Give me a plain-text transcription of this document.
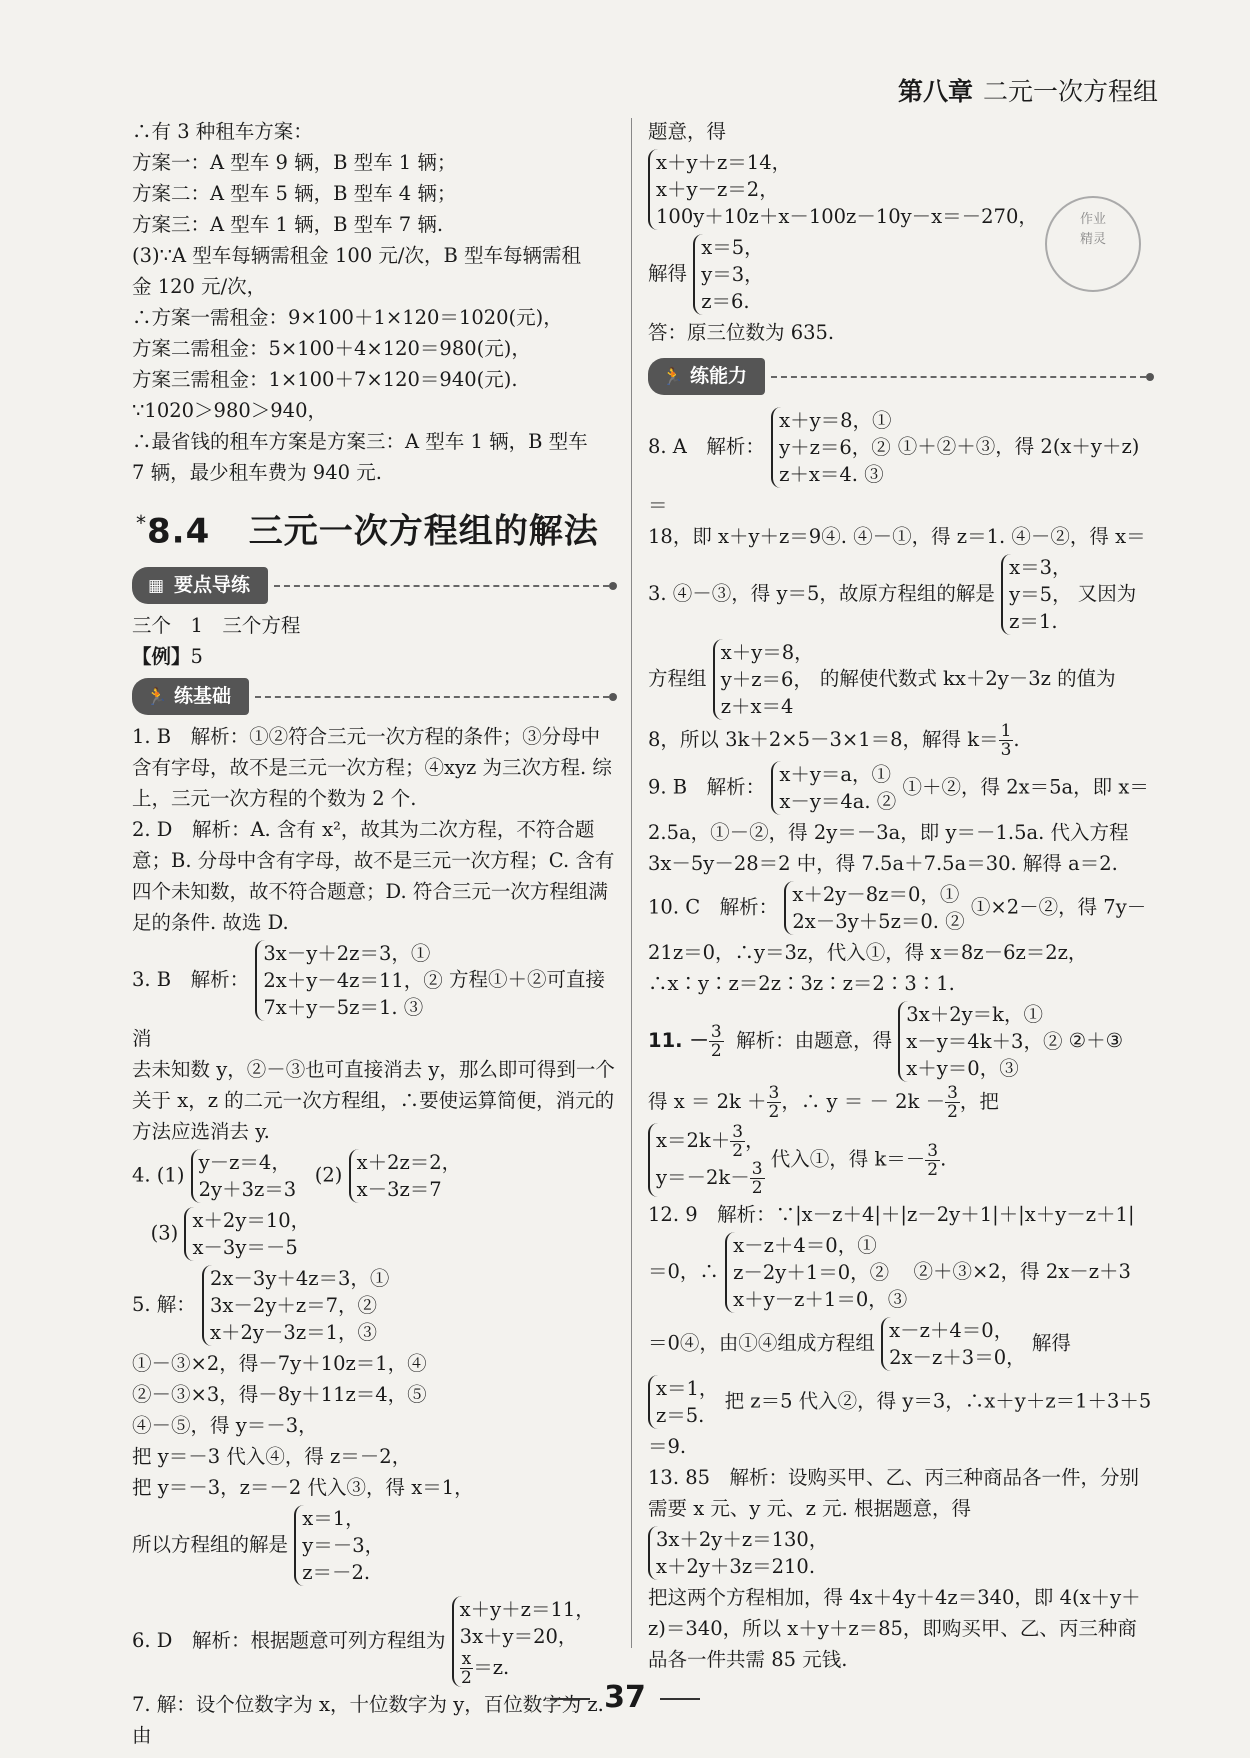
第八章 二元一次方程组
作业
精灵

∴有 3 种租车方案：

方案一：A 型车 9 辆，B 型车 1 辆；

方案二：A 型车 5 辆，B 型车 4 辆；

方案三：A 型车 1 辆，B 型车 7 辆.

(3)∵A 型车每辆需租金 100 元/次，B 型车每辆需租

金 120 元/次，

∴方案一需租金：9×100＋1×120＝1020(元)，

方案二需租金：5×100＋4×120＝980(元)，

方案三需租金：1×100＋7×120＝940(元).

∵1020＞980＞940，

∴最省钱的租车方案是方案三：A 型车 1 辆，B 型车

7 辆，最少租车费为 940 元.

*8.4 三元一次方程组的解法
▦ 要点导练

三个　1　三个方程

【例】5

🏃 练基础

1. B　解析：①②符合三元一次方程的条件；③分母中含有字母，故不是三元一次方程；④xyz 为三次方程. 综上，三元一次方程的个数为 2 个.

2. D　解析：A. 含有 x²，故其为二次方程，不符合题意；B. 分母中含有字母，故不是三元一次方程；C. 含有四个未知数，故不符合题意；D. 符合三元一次方程组满足的条件. 故选 D.

3. B　解析： 3x－y＋2z＝3，①
2x＋y－4z＝11，②
7x＋y－5z＝1. ③ 方程①＋②可直接消

去未知数 y，②－③也可直接消去 y，那么即可得到一个关于 x，z 的二元一次方程组，∴要使运算简便，消元的方法应选消去 y.

4. (1) y－z＝4，
2y＋3z＝3   (2) x＋2z＝2，
x－3z＝7
(3) x＋2y＝10，
x－3y＝－5
5. 解： 2x－3y＋4z＝3，①
3x－2y＋z＝7，②
x＋2y－3z＝1，③

①－③×2，得－7y＋10z＝1，④

②－③×3，得－8y＋11z＝4，⑤

④－⑤，得 y＝－3，

把 y＝－3 代入④，得 z＝－2，

把 y＝－3，z＝－2 代入③，得 x＝1，

所以方程组的解是 x＝1，
y＝－3，
z＝－2.
6. D　解析：根据题意可列方程组为 x＋y＋z＝11，
3x＋y＝20，

$\frac{x}{2} =z$.

7. 解：设个位数字为 x，十位数字为 y，百位数字为 z. 由

题意，得

x＋y＋z＝14，
x＋y－z＝2，
100y＋10z＋x－100z－10y－x＝－270，
解得 x＝5，
y＝3，
z＝6.

答：原三位数为 635.

🏃 练能力
8. A　解析： x＋y＝8，①
y＋z＝6，②
z＋x＝4. ③ ①＋②＋③，得 2(x＋y＋z)＝

18，即 x＋y＋z＝9④. ④－①，得 z＝1. ④－②，得 x＝

3. ④－③，得 y＝5，故原方程组的解是 x＝3，
y＝5，
z＝1. 又因为
方程组 x＋y＝8，
y＋z＝6，
z＋x＝4 的解使代数式 kx＋2y－3z 的值为

8，所以 3k＋2×5－3×1＝8，解得 $k= \frac{1}{3}$ .

9. B　解析： x＋y＝a，①
x－y＝4a. ② ①＋②，得 2x＝5a，即 x＝

2.5a，①－②，得 2y＝－3a，即 y＝－1.5a. 代入方程 3x－5y－28＝2 中，得 7.5a＋7.5a＝30. 解得 a＝2.

10. C　解析： x＋2y－8z＝0，①
2x－3y＋5z＝0. ② ①×2－②，得 7y－

21z＝0，∴y＝3z，代入①，得 x＝8z－6z＝2z，∴x∶y∶z＝2z∶3z∶z＝2∶3∶1.

11. － $\frac{3}{2}$ 解析：由题意，得 3x＋2y＝k，①
x－y＝4k＋3，②
x＋y＝0，③ ②＋③

得 $x = 2k + \frac{3}{2}$ ，∴ y ＝ － $2k - \frac{3}{2}$ ，把

$x=2k+ \frac{3}{2}$ ，
$y=-2k- \frac{3}{2}$
代入①，得 $k=- \frac{3}{2}$ .

12. 9　解析：∵|x－z＋4|＋|z－2y＋1|＋|x＋y－z＋1|

＝0，∴ x－z＋4＝0，①
z－2y＋1＝0，②
x＋y－z＋1＝0，③ ②＋③×2，得 2x－z＋3
＝0④，由①④组成方程组 x－z＋4＝0，
2x－z＋3＝0， 解得
x＝1，
z＝5. 把 z＝5 代入②，得 y＝3，∴x＋y＋z＝1＋3＋5＝9.

13. 85　解析：设购买甲、乙、丙三种商品各一件，分别需要 x 元、y 元、z 元. 根据题意，得

3x＋2y＋z＝130，
x＋2y＋3z＝210.

把这两个方程相加，得 4x＋4y＋4z＝340，即 4(x＋y＋z)＝340，所以 x＋y＋z＝85，即购买甲、乙、丙三种商品各一件共需 85 元钱.

37
